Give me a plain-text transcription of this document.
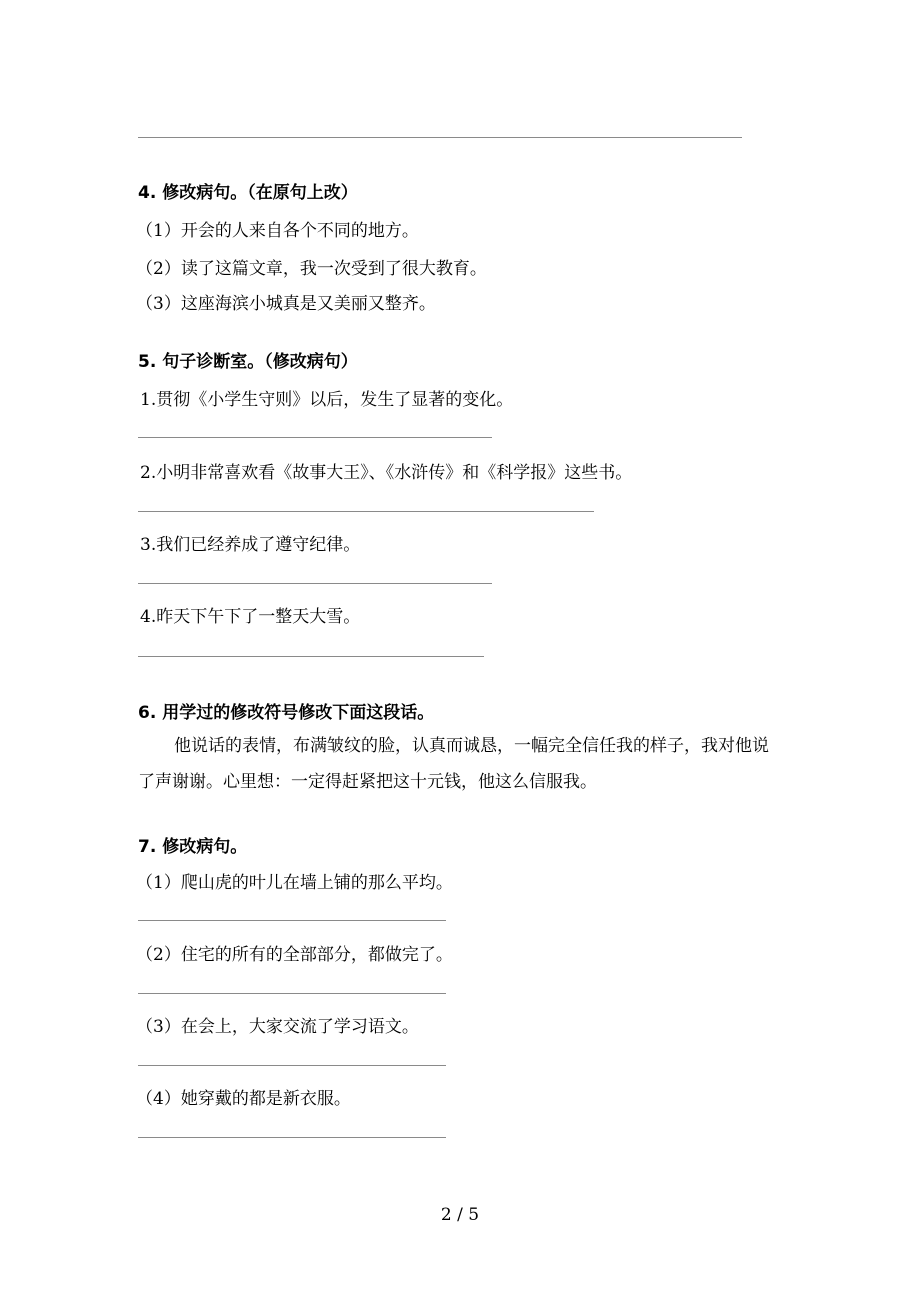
4. 修改病句。（在原句上改）
（1）开会的人来自各个不同的地方。
（2）读了这篇文章，我一次受到了很大教育。
（3）这座海滨小城真是又美丽又整齐。
5. 句子诊断室。（修改病句）
1.贯彻《小学生守则》以后，发生了显著的变化。
2.小明非常喜欢看《故事大王》、《水浒传》和《科学报》这些书。
3.我们已经养成了遵守纪律。
4.昨天下午下了一整天大雪。
6. 用学过的修改符号修改下面这段话。
他说话的表情，布满皱纹的脸，认真而诚恳，一幅完全信任我的样子，我对他说了声谢谢。心里想：一定得赶紧把这十元钱，他这么信服我。
7. 修改病句。
（1）爬山虎的叶儿在墙上铺的那么平均。
（2）住宅的所有的全部部分，都做完了。
（3）在会上，大家交流了学习语文。
（4）她穿戴的都是新衣服。
2 / 5
